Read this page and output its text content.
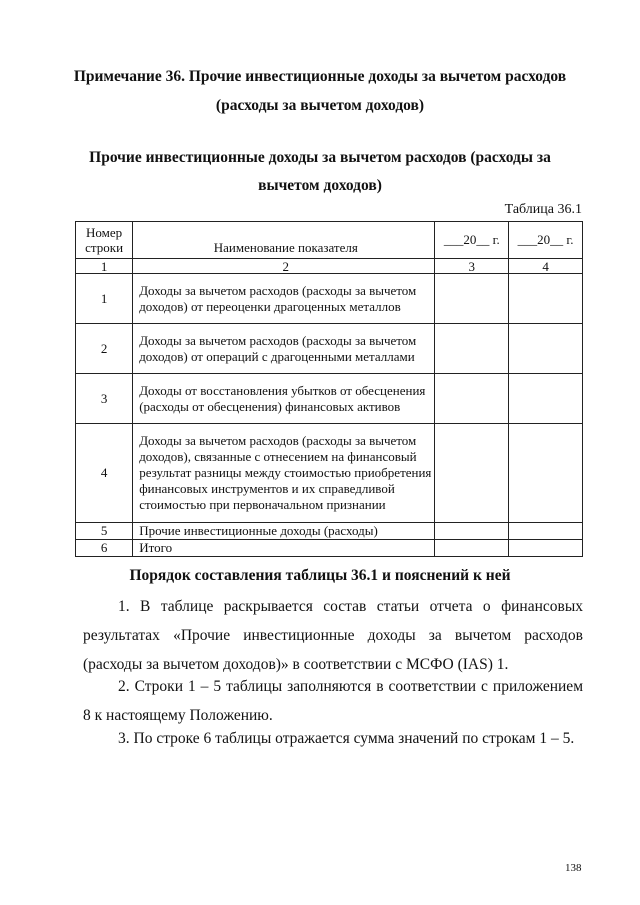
Примечание 36. Прочие инвестиционные доходы за вычетом расходов
(расходы за вычетом доходов)
Прочие инвестиционные доходы за вычетом расходов (расходы за
вычетом доходов)
Таблица 36.1
Номер строки	Наименование показателя	___20__ г.	___20__ г.
1	2	3	4
1	Доходы за вычетом расходов (расходы за вычетом доходов) от переоценки драгоценных металлов		
2	Доходы за вычетом расходов (расходы за вычетом доходов) от операций с драгоценными металлами		
3	Доходы от восстановления убытков от обесценения (расходы от обесценения) финансовых активов		
4	Доходы за вычетом расходов (расходы за вычетом доходов), связанные с отнесением на финансовый результат разницы между стоимостью приобретения финансовых инструментов и их справедливой стоимостью при первоначальном признании		
5	Прочие инвестиционные доходы (расходы)		
6	Итого		
Порядок составления таблицы 36.1 и пояснений к ней

1. В таблице раскрывается состав статьи отчета о финансовых результатах «Прочие инвестиционные доходы за вычетом расходов (расходы за вычетом доходов)» в соответствии с МСФО (IAS) 1.

2. Строки 1 – 5 таблицы заполняются в соответствии с приложением 8 к настоящему Положению.

3. По строке 6 таблицы отражается сумма значений по строкам 1 – 5.

138
